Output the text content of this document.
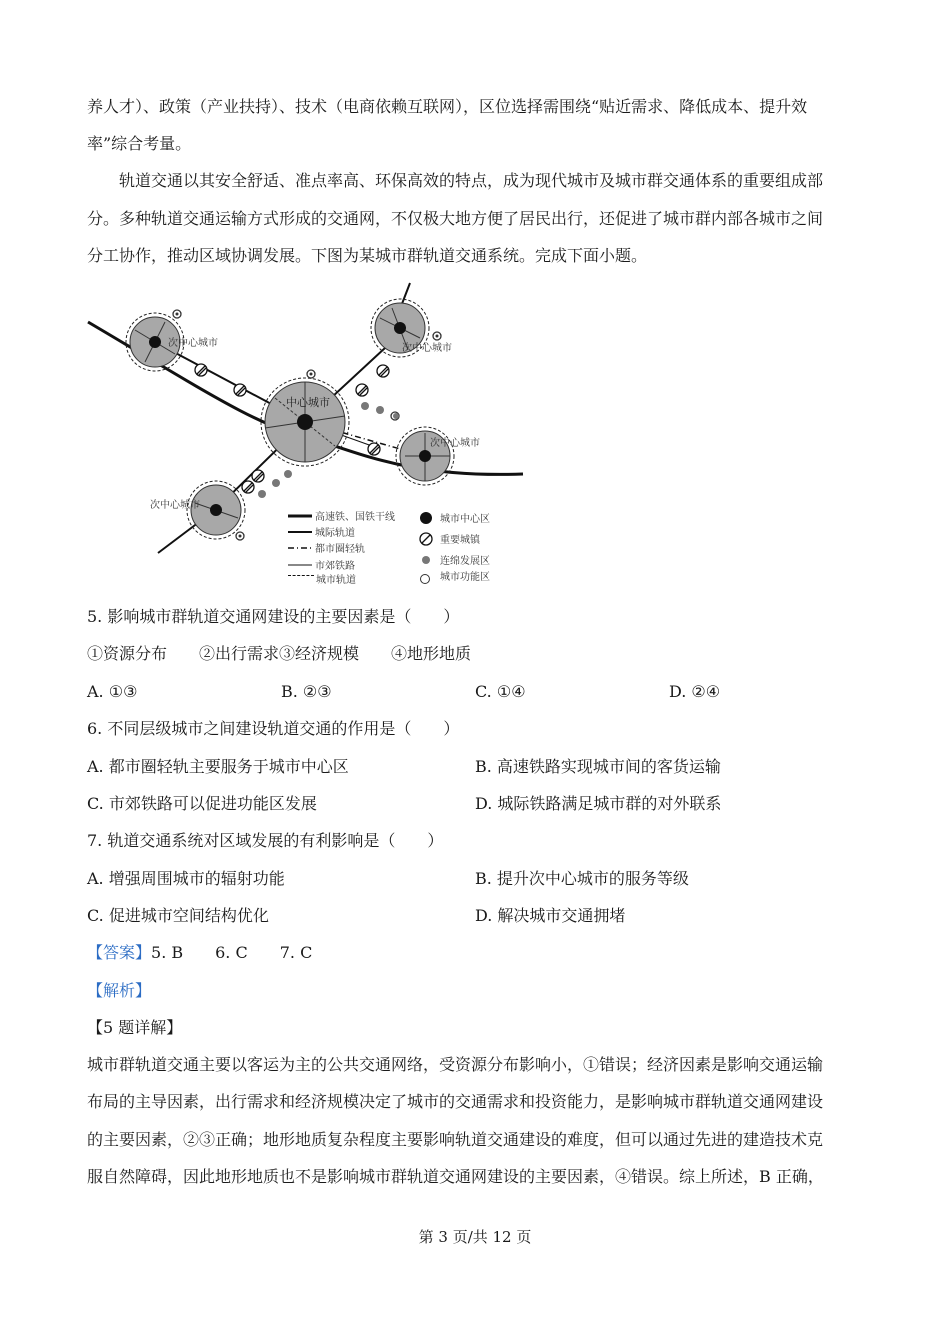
养人才）、政策（产业扶持）、技术（电商依赖互联网），区位选择需围绕“贴近需求、降低成本、提升效
率”综合考量。
轨道交通以其安全舒适、准点率高、环保高效的特点，成为现代城市及城市群交通体系的重要组成部
分。多种轨道交通运输方式形成的交通网，不仅极大地方便了居民出行，还促进了城市群内部各城市之间
分工协作，推动区域协调发展。下图为某城市群轨道交通系统。完成下面小题。
中心城市
次中心城市	次中心城市
次中心城市
次中心城市
高速铁、国铁干线
城际轨道
都市圈轻轨
市郊铁路
城市中心区
重要城镇
连绵发展区
城市轨道	城市功能区
5. 影响城市群轨道交通网建设的主要因素是（　　）
①资源分布　　②出行需求③经济规模　　④地形地质
A. ①③	B. ②③	C. ①④	D. ②④
6. 不同层级城市之间建设轨道交通的作用是（　　）
A. 都市圈轻轨主要服务于城市中心区	B. 高速铁路实现城市间的客货运输
C. 市郊铁路可以促进功能区发展	D. 城际铁路满足城市群的对外联系
7. 轨道交通系统对区域发展的有利影响是（　　）
A. 增强周围城市的辐射功能	B. 提升次中心城市的服务等级
C. 促进城市空间结构优化	D. 解决城市交通拥堵
【答案】5. B　　6. C　　7. C
【解析】
【5 题详解】
城市群轨道交通主要以客运为主的公共交通网络，受资源分布影响小，①错误；经济因素是影响交通运输
布局的主导因素，出行需求和经济规模决定了城市的交通需求和投资能力，是影响城市群轨道交通网建设
的主要因素，②③正确；地形地质复杂程度主要影响轨道交通建设的难度，但可以通过先进的建造技术克
服自然障碍，因此地形地质也不是影响城市群轨道交通网建设的主要因素，④错误。综上所述，B 正确，
第 3 页/共 12 页
